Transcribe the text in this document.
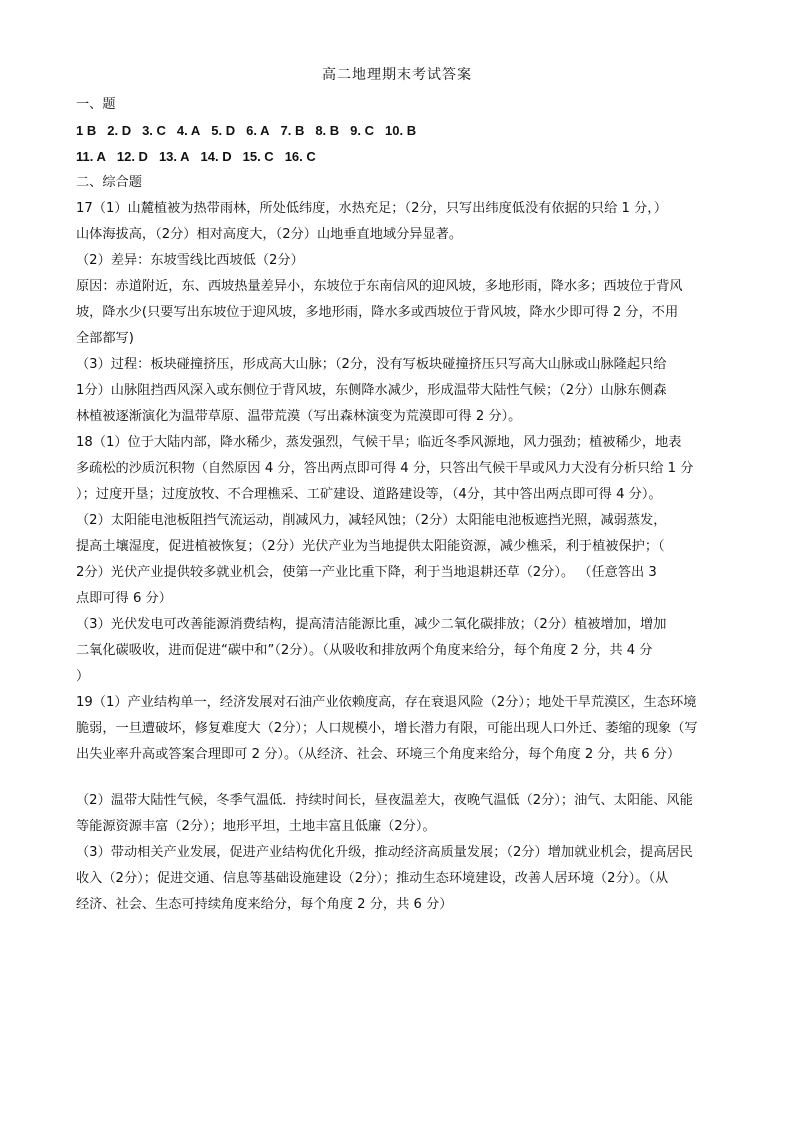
高二地理期末考试答案
一、题
1 B 2. D 3. C 4. A 5. D 6. A 7. B 8. B 9. C 10. B
11. A 12. D 13. A 14. D 15. C 16. C
二、综合题
17（1）山麓植被为热带雨林，所处低纬度，水热充足；（2分，只写出纬度低没有依据的只给 1 分，）
山体海拔高，（2分）相对高度大，（2分）山地垂直地域分异显著。
（2）差异：东坡雪线比西坡低（2分）
原因：赤道附近，东、西坡热量差异小，东坡位于东南信风的迎风坡，多地形雨，降水多；西坡位于背风
坡，降水少(只要写出东坡位于迎风坡，多地形雨，降水多或西坡位于背风坡，降水少即可得 2 分，不用
全部都写)
（3）过程：板块碰撞挤压，形成高大山脉；（2分，没有写板块碰撞挤压只写高大山脉或山脉隆起只给
1分）山脉阻挡西风深入或东侧位于背风坡，东侧降水减少，形成温带大陆性气候；（2分）山脉东侧森
林植被逐渐演化为温带草原、温带荒漠（写出森林演变为荒漠即可得 2 分）。
18（1）位于大陆内部，降水稀少，蒸发强烈，气候干旱；临近冬季风源地，风力强劲；植被稀少，地表
多疏松的沙质沉积物（自然原因 4 分，答出两点即可得 4 分，只答出气候干旱或风力大没有分析只给 1 分
）；过度开垦；过度放牧、不合理樵采、工矿建设、道路建设等，（4分，其中答出两点即可得 4 分）。
（2）太阳能电池板阻挡气流运动，削减风力，减轻风蚀；（2分）太阳能电池板遮挡光照，减弱蒸发，
提高土壤湿度，促进植被恢复；（2分）光伏产业为当地提供太阳能资源，减少樵采，利于植被保护；（
2分）光伏产业提供较多就业机会，使第一产业比重下降，利于当地退耕还草（2分）。 （任意答出 3
点即可得 6 分）
（3）光伏发电可改善能源消费结构，提高清洁能源比重，减少二氧化碳排放；（2分）植被增加，增加
二氧化碳吸收，进而促进“碳中和”（2分）。（从吸收和排放两个角度来给分，每个角度 2 分，共 4 分
）
19（1）产业结构单一，经济发展对石油产业依赖度高，存在衰退风险（2分）；地处干旱荒漠区，生态环境
脆弱，一旦遭破坏，修复难度大（2分）；人口规模小，增长潜力有限，可能出现人口外迁、萎缩的现象（写
出失业率升高或答案合理即可 2 分）。（从经济、社会、环境三个角度来给分，每个角度 2 分，共 6 分）
（2）温带大陆性气候，冬季气温低．持续时间长，昼夜温差大，夜晚气温低（2分）；油气、太阳能、风能
等能源资源丰富（2分）；地形平坦，土地丰富且低廉（2分）。
（3）带动相关产业发展，促进产业结构优化升级，推动经济高质量发展；（2分）增加就业机会，提高居民
收入（2分）；促进交通、信息等基础设施建设（2分）；推动生态环境建设，改善人居环境（2分）。（从
经济、社会、生态可持续角度来给分，每个角度 2 分，共 6 分）
